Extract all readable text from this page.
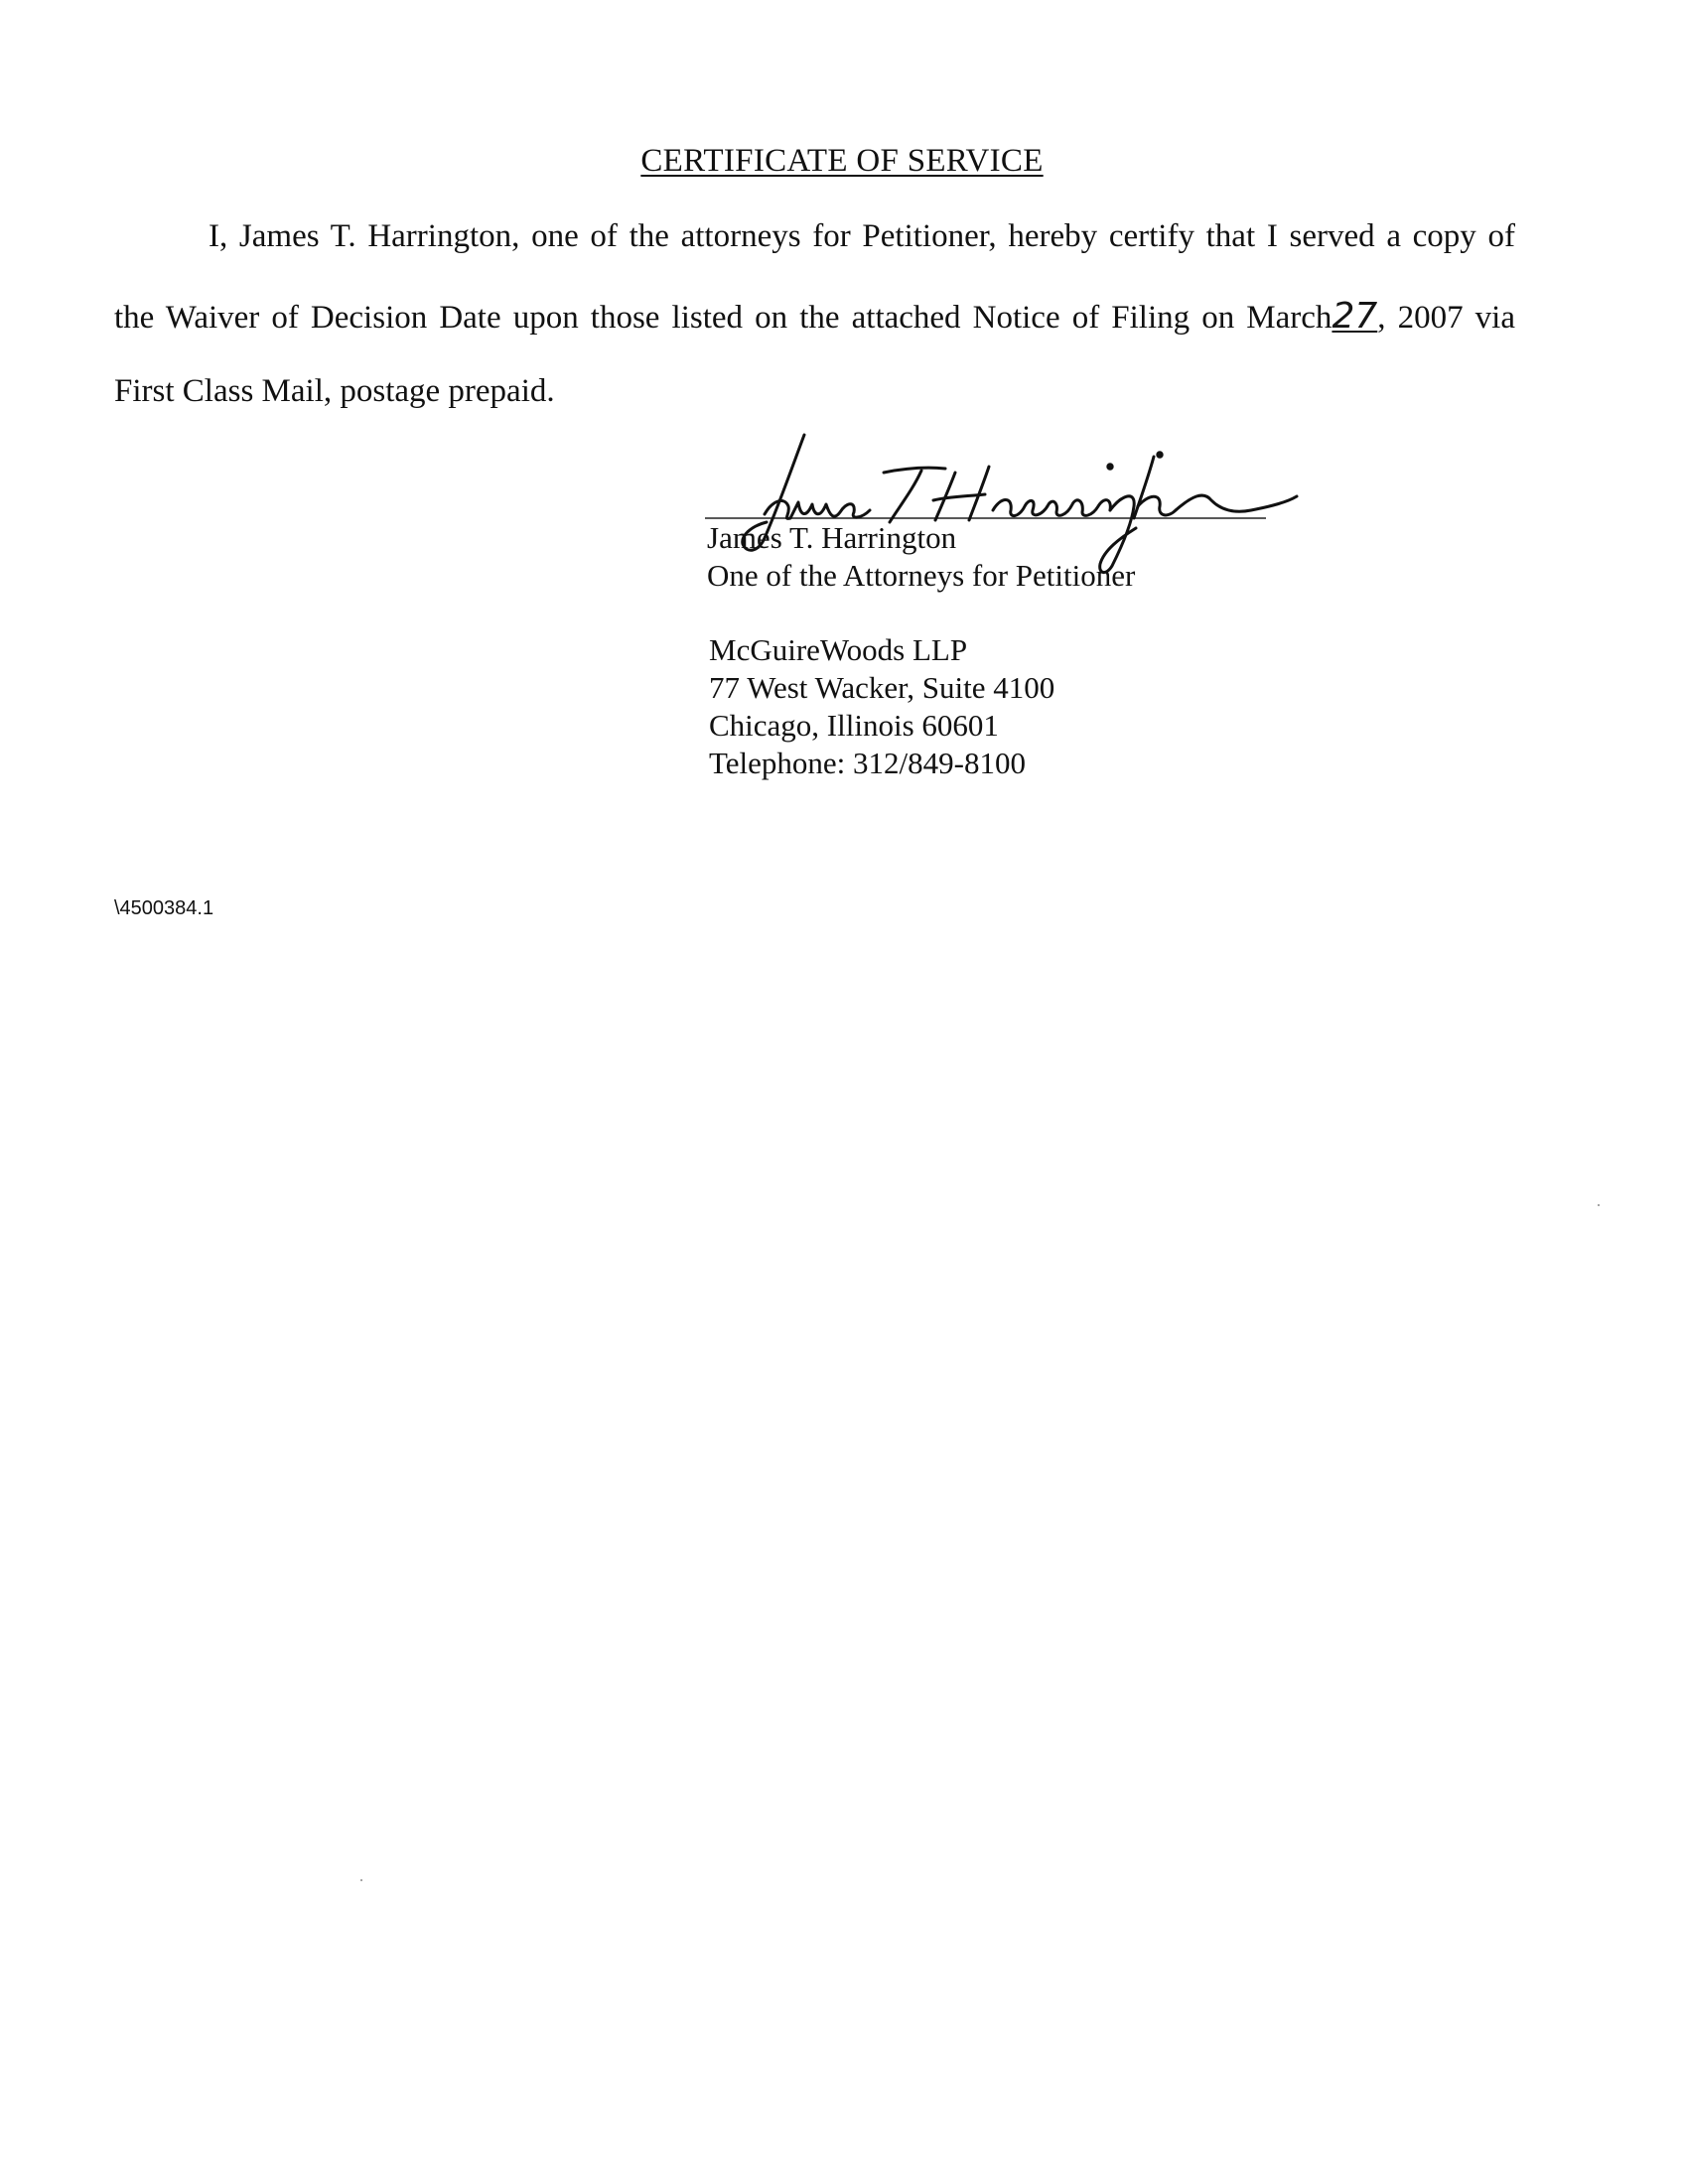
CERTIFICATE OF SERVICE
I, James T. Harrington, one of the attorneys for Petitioner, hereby certify that I served a copy of
the Waiver of Decision Date upon those listed on the attached Notice of Filing on March27, 2007 via
First Class Mail, postage prepaid.
James T. Harrington
One of the Attorneys for Petitioner
McGuireWoods LLP
77 West Wacker, Suite 4100
Chicago, Illinois 60601
Telephone: 312/849-8100
\4500384.1
